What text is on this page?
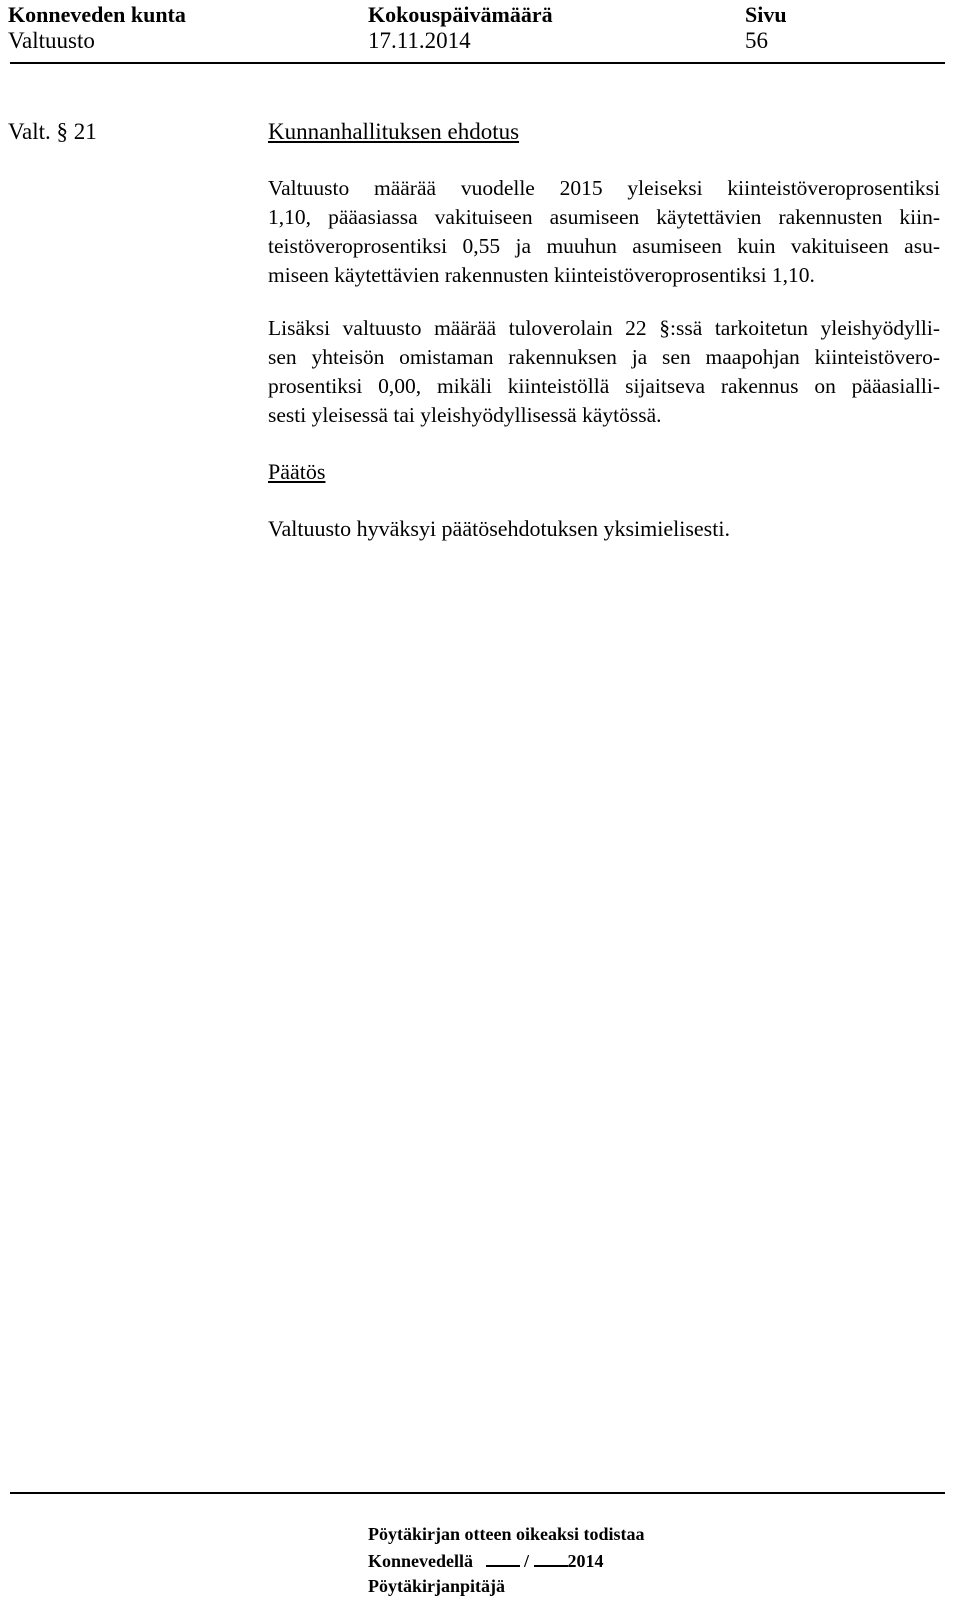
Konneveden kunta	Kokouspäivämäärä	Sivu
Valtuusto	17.11.2014	56
Valt. § 21	Kunnanhallituksen ehdotus
Valtuusto määrää vuodelle 2015 yleiseksi kiinteistöveroprosentiksi
1,10, pääasiassa vakituiseen asumiseen käytettävien rakennusten kiin-
teistöveroprosentiksi 0,55 ja muuhun asumiseen kuin vakituiseen asu-
miseen käytettävien rakennusten kiinteistöveroprosentiksi 1,10.
Lisäksi valtuusto määrää tuloverolain 22 §:ssä tarkoitetun yleishyödylli-
sen yhteisön omistaman rakennuksen ja sen maapohjan kiinteistövero-
prosentiksi 0,00, mikäli kiinteistöllä sijaitseva rakennus on pääasialli-
sesti yleisessä tai yleishyödyllisessä käytössä.
Päätös
Valtuusto hyväksyi päätösehdotuksen yksimielisesti.
Pöytäkirjan otteen oikeaksi todistaa
Konnevedellä	/ 2014
Pöytäkirjanpitäjä
